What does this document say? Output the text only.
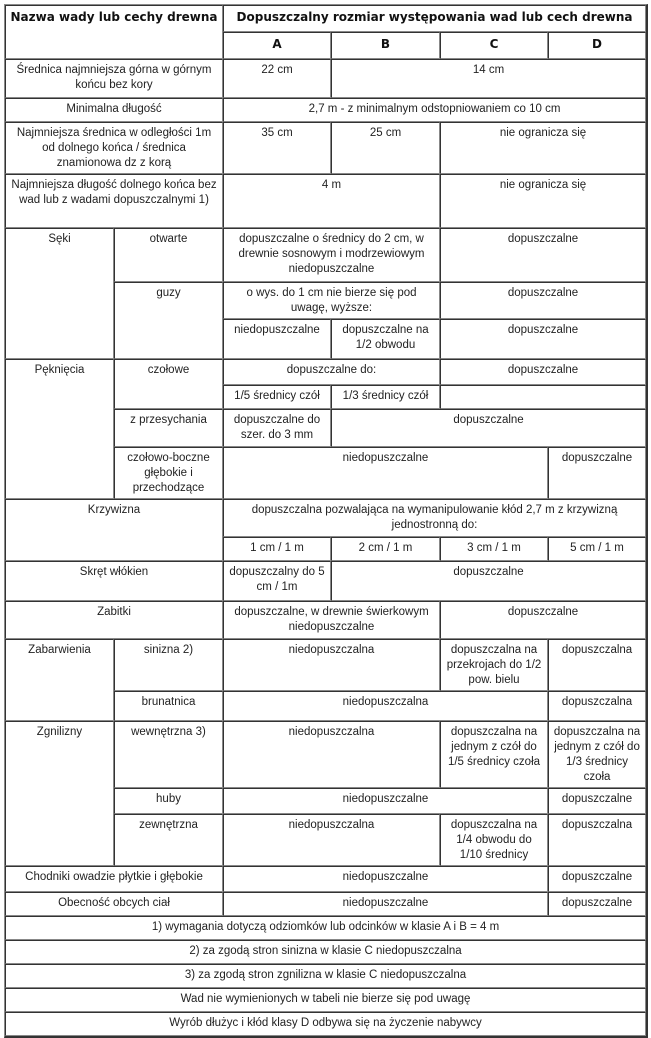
Nazwa wady lub cechy drewna		Dopuszczalny rozmiar występowania wad lub cech drewna			
		A	B	C	D
Średnica najmniejsza górna w górnym końcu bez kory		22 cm	14 cm		
Minimalna długość		2,7 m - z minimalnym odstopniowaniem co 10 cm			
Najmniejsza średnica w odległości 1m od dolnego końca / średnica znamionowa dz z korą		35 cm	25 cm	nie ogranicza się	
Najmniejsza długość dolnego końca bez wad lub z wadami dopuszczalnymi 1)		4 m		nie ogranicza się	
Sęki	otwarte	dopuszczalne o średnicy do 2 cm, w drewnie sosnowym i modrzewiowym niedopuszczalne		dopuszczalne	
	guzy	o wys. do 1 cm nie bierze się pod uwagę, wyższe:		dopuszczalne	
		niedopuszczalne	dopuszczalne na 1/2 obwodu	dopuszczalne	
Pęknięcia	czołowe	dopuszczalne do:		dopuszczalne	
		1/5 średnicy czół	1/3 średnicy czół		
	z przesychania	dopuszczalne do szer. do 3 mm	dopuszczalne		
	czołowo-boczne głębokie i przechodzące	niedopuszczalne			dopuszczalne
Krzywizna		dopuszczalna pozwalająca na wymanipulowanie kłód 2,7 m z krzywizną jednostronną do:			
		1 cm / 1 m	2 cm / 1 m	3 cm / 1 m	5 cm / 1 m
Skręt włókien		dopuszczalny do 5 cm / 1m	dopuszczalne		
Zabitki		dopuszczalne, w drewnie świerkowym niedopuszczalne		dopuszczalne	
Zabarwienia	sinizna 2)	niedopuszczalna		dopuszczalna na przekrojach do 1/2 pow. bielu	dopuszczalna
	brunatnica	niedopuszczalna			dopuszczalna
Zgnilizny	wewnętrzna 3)	niedopuszczalna		dopuszczalna na jednym z czół do 1/5 średnicy czoła	dopuszczalna na jednym z czół do 1/3 średnicy czoła
	huby	niedopuszczalne			dopuszczalne
	zewnętrzna	niedopuszczalna		dopuszczalna na 1/4 obwodu do 1/10 średnicy	dopuszczalna
Chodniki owadzie płytkie i głębokie		niedopuszczalne			dopuszczalne
Obecność obcych ciał		niedopuszczalne			dopuszczalne
1) wymagania dotyczą odziomków lub odcinków w klasie A i B = 4 m					
2) za zgodą stron sinizna w klasie C niedopuszczalna					
3) za zgodą stron zgnilizna w klasie C niedopuszczalna					
Wad nie wymienionych w tabeli nie bierze się pod uwagę					
Wyrób dłużyc i kłód klasy D odbywa się na życzenie nabywcy					
